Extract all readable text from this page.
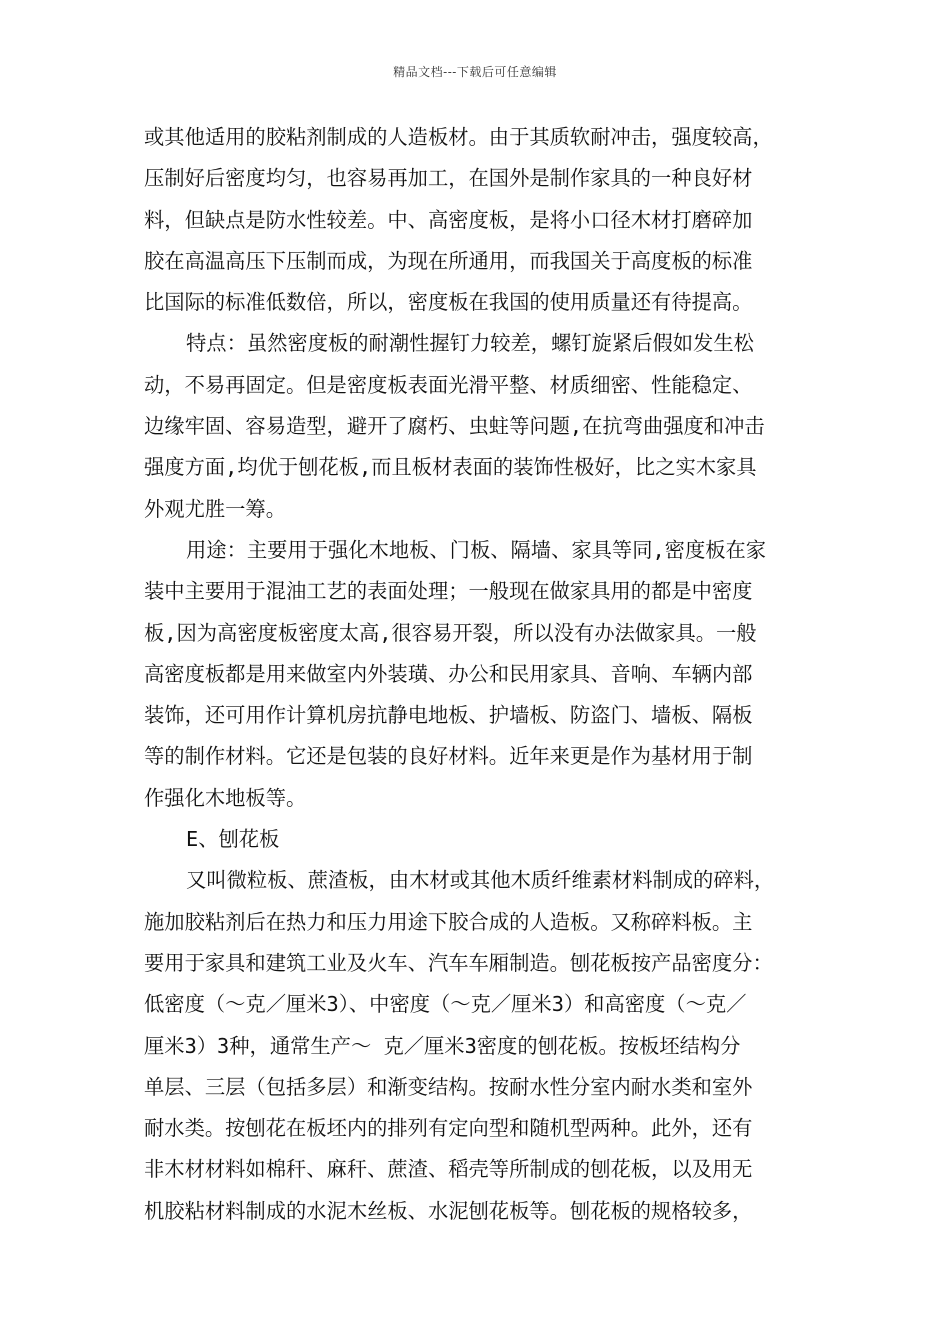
精品文档---下载后可任意编辑
或其他适用的胶粘剂制成的人造板材。由于其质软耐冲击，强度较高，
压制好后密度均匀，也容易再加工，在国外是制作家具的一种良好材
料，但缺点是防水性较差。中、高密度板，是将小口径木材打磨碎加
胶在高温高压下压制而成，为现在所通用，而我国关于高度板的标准
比国际的标准低数倍，所以，密度板在我国的使用质量还有待提高。
特点：虽然密度板的耐潮性握钉力较差，螺钉旋紧后假如发生松
动，不易再固定。但是密度板表面光滑平整、材质细密、性能稳定、
边缘牢固、容易造型，避开了腐朽、虫蛀等问题,在抗弯曲强度和冲击
强度方面,均优于刨花板,而且板材表面的装饰性极好，比之实木家具
外观尤胜一筹。
用途：主要用于强化木地板、门板、隔墙、家具等同,密度板在家
装中主要用于混油工艺的表面处理；一般现在做家具用的都是中密度
板,因为高密度板密度太高,很容易开裂，所以没有办法做家具。一般
高密度板都是用来做室内外装璜、办公和民用家具、音响、车辆内部
装饰，还可用作计算机房抗静电地板、护墙板、防盗门、墙板、隔板
等的制作材料。它还是包装的良好材料。近年来更是作为基材用于制
作强化木地板等。
E、刨花板
又叫微粒板、蔗渣板，由木材或其他木质纤维素材料制成的碎料，
施加胶粘剂后在热力和压力用途下胶合成的人造板。又称碎料板。主
要用于家具和建筑工业及火车、汽车车厢制造。刨花板按产品密度分：
低密度（～克／厘米3）、中密度（～克／厘米3）和高密度（～克／
厘米3）3种，通常生产～ 克／厘米3密度的刨花板。按板坯结构分
单层、三层（包括多层）和渐变结构。按耐水性分室内耐水类和室外
耐水类。按刨花在板坯内的排列有定向型和随机型两种。此外，还有
非木材材料如棉秆、麻秆、蔗渣、稻壳等所制成的刨花板，以及用无
机胶粘材料制成的水泥木丝板、水泥刨花板等。刨花板的规格较多，
